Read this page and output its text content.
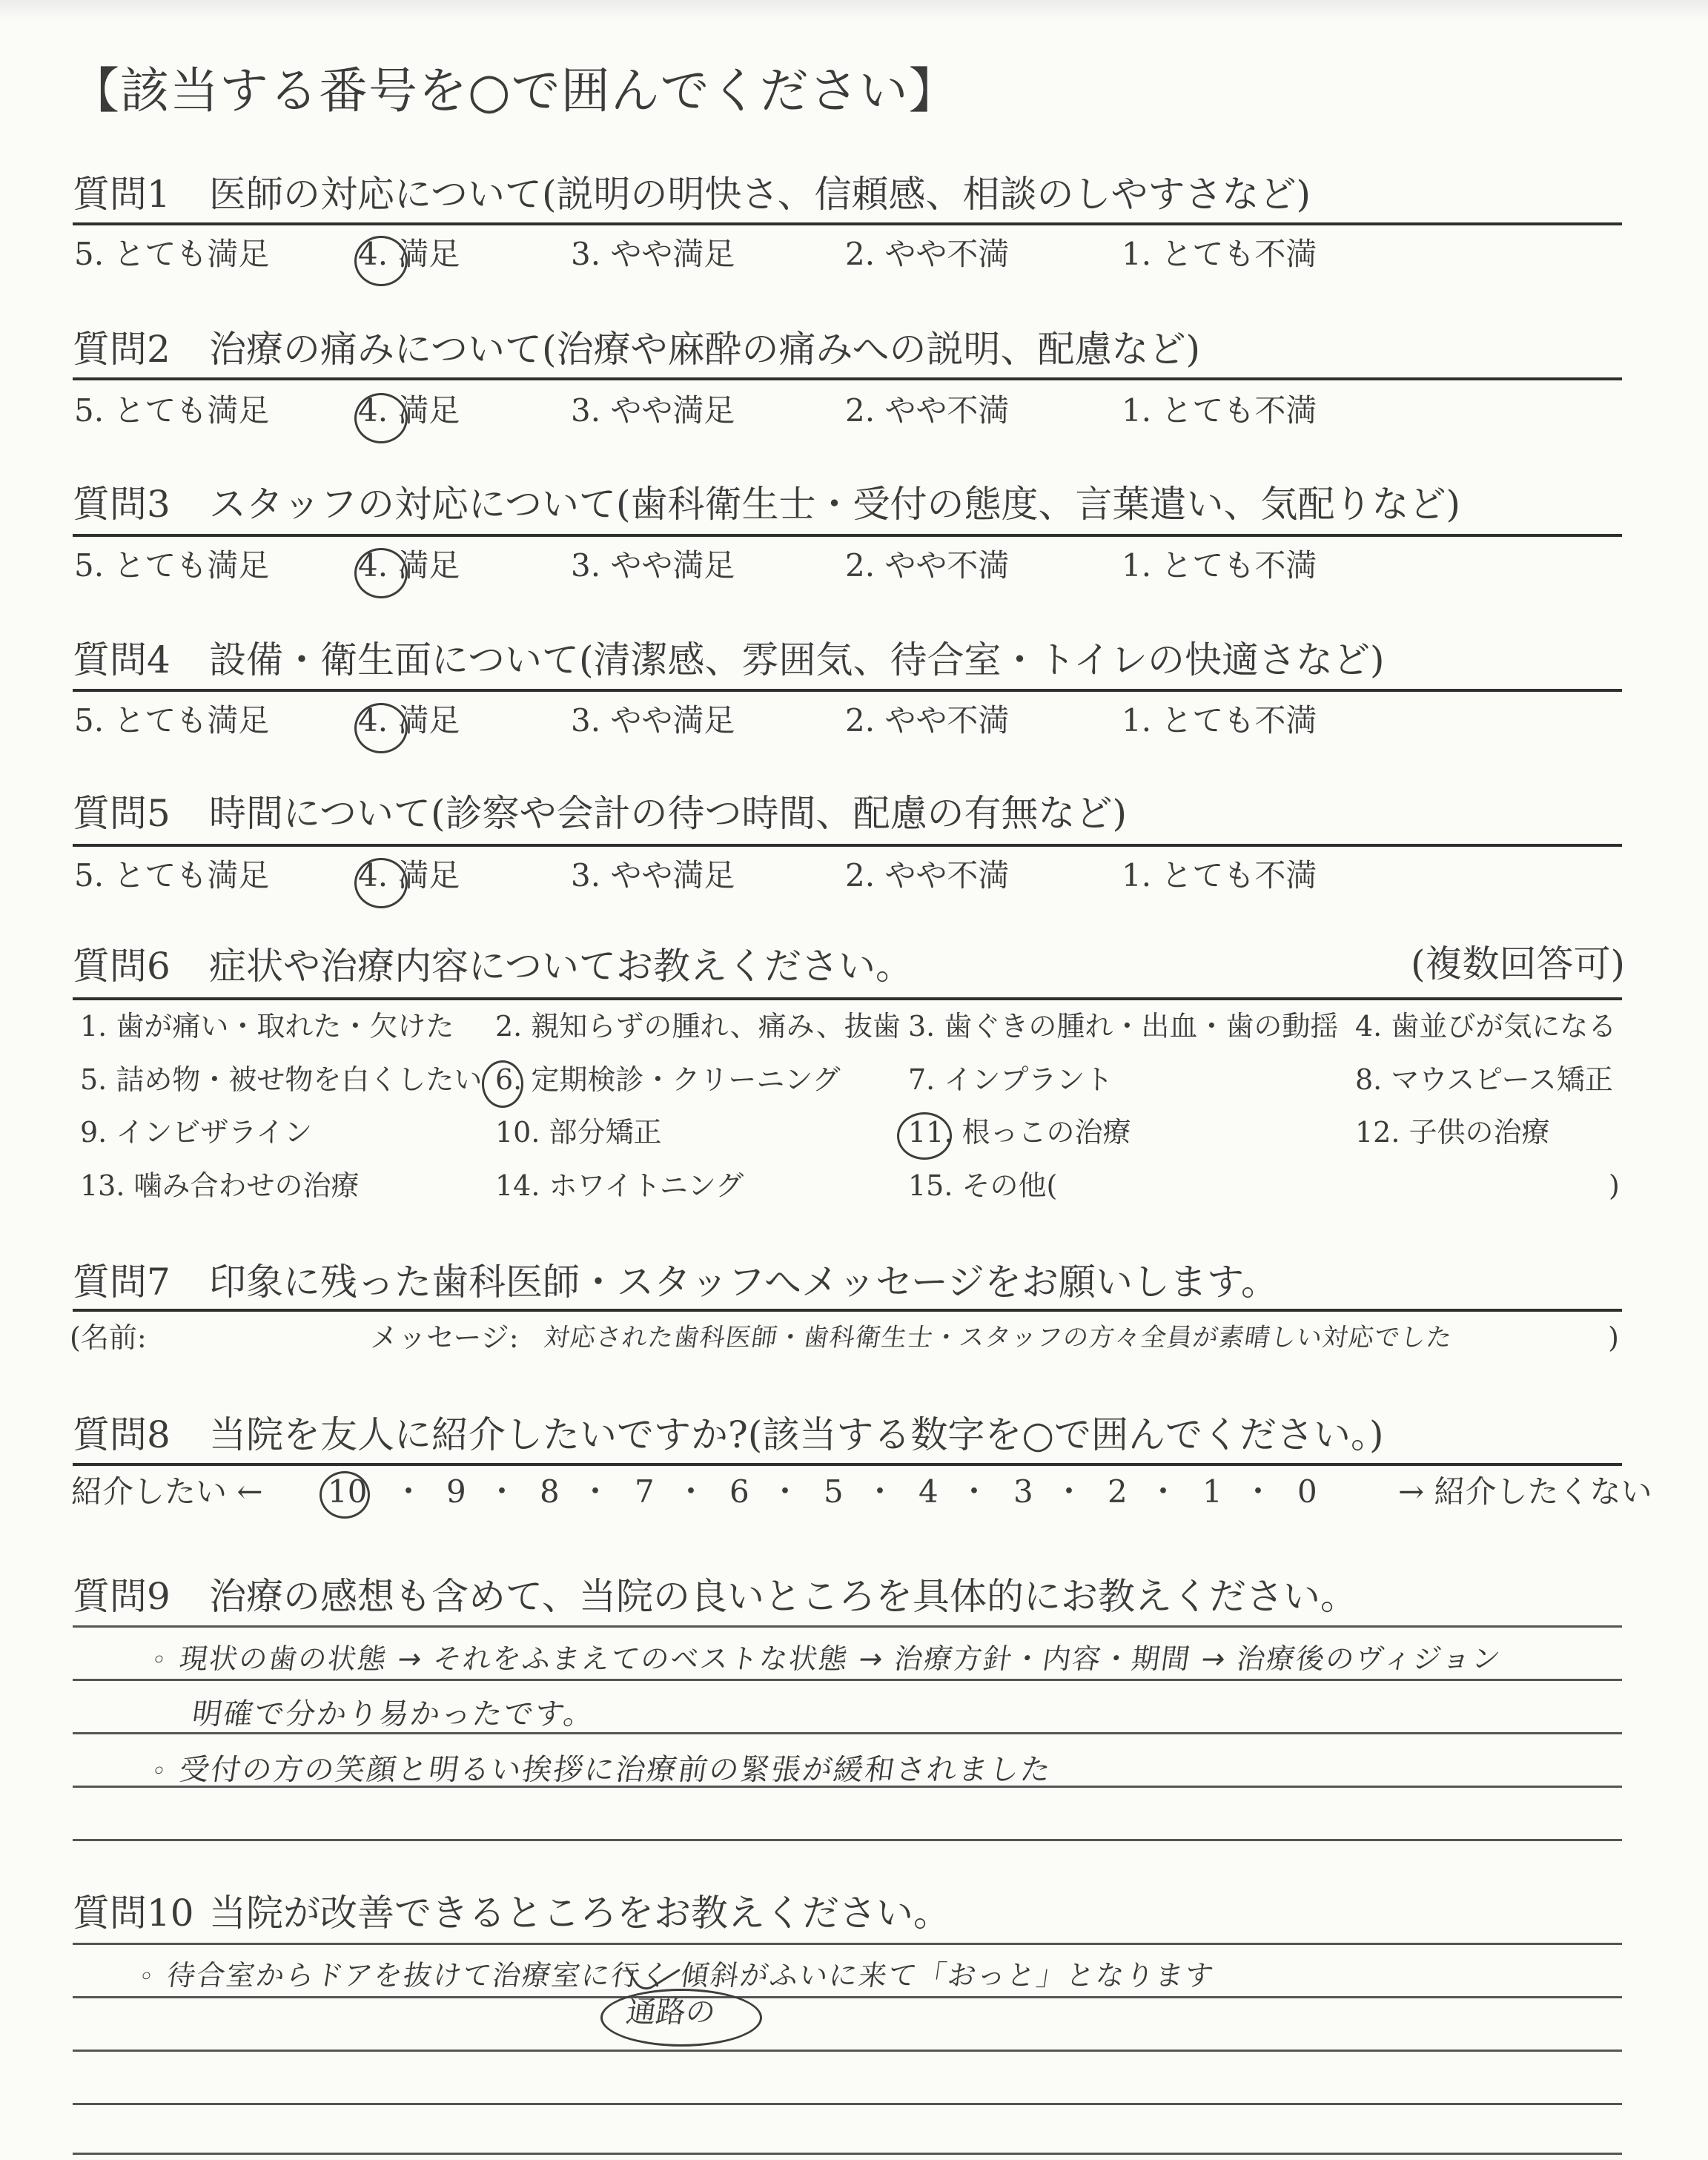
【該当する番号を○で囲んでください】
質問1 医師の対応について(説明の明快さ、信頼感、相談のしやすさなど)
5. とても満足	4. 満足	3. やや満足	2. やや不満	1. とても不満
質問2 治療の痛みについて(治療や麻酔の痛みへの説明、配慮など)
5. とても満足	4. 満足	3. やや満足	2. やや不満	1. とても不満
質問3 スタッフの対応について(歯科衛生士・受付の態度、言葉遣い、気配りなど)
5. とても満足	4. 満足	3. やや満足	2. やや不満	1. とても不満
質問4 設備・衛生面について(清潔感、雰囲気、待合室・トイレの快適さなど)
5. とても満足	4. 満足	3. やや満足	2. やや不満	1. とても不満
質問5 時間について(診察や会計の待つ時間、配慮の有無など)
5. とても満足	4. 満足	3. やや満足	2. やや不満	1. とても不満
質問6 症状や治療内容についてお教えください。	(複数回答可)
1. 歯が痛い・取れた・欠けた 2. 親知らずの腫れ、痛み、抜歯 3. 歯ぐきの腫れ・出血・歯の動揺 4. 歯並びが気になる
5. 詰め物・被せ物を白くしたい 6. 定期検診・クリーニング 7. インプラント	8. マウスピース矯正
9. インビザライン	10. 部分矯正	11. 根っこの治療	12. 子供の治療
13. 噛み合わせの治療	14. ホワイトニング	15. その他(	)
質問7 印象に残った歯科医師・スタッフへメッセージをお願いします。
(名前:	メッセージ: 対応された歯科医師・歯科衛生士・スタッフの方々全員が素晴しい対応でした	)
質問8 当院を友人に紹介したいですか?(該当する数字を○で囲んでください。)
紹介したい ← 10 ・ 9 ・ 8 ・ 7 ・ 6 ・ 5 ・ 4 ・ 3 ・ 2 ・ 1 ・ 0	→ 紹介したくない
質問9 治療の感想も含めて、当院の良いところを具体的にお教えください。
◦ 現状の歯の状態 → それをふまえてのベストな状態 → 治療方針・内容・期間 → 治療後のヴィジョン
明確で分かり易かったです。
◦ 受付の方の笑顔と明るい挨拶に治療前の緊張が緩和されました
質問10 当院が改善できるところをお教えください。
◦ 待合室からドアを抜けて治療室に行く 傾斜がふいに来て「おっと」となります
通路の
